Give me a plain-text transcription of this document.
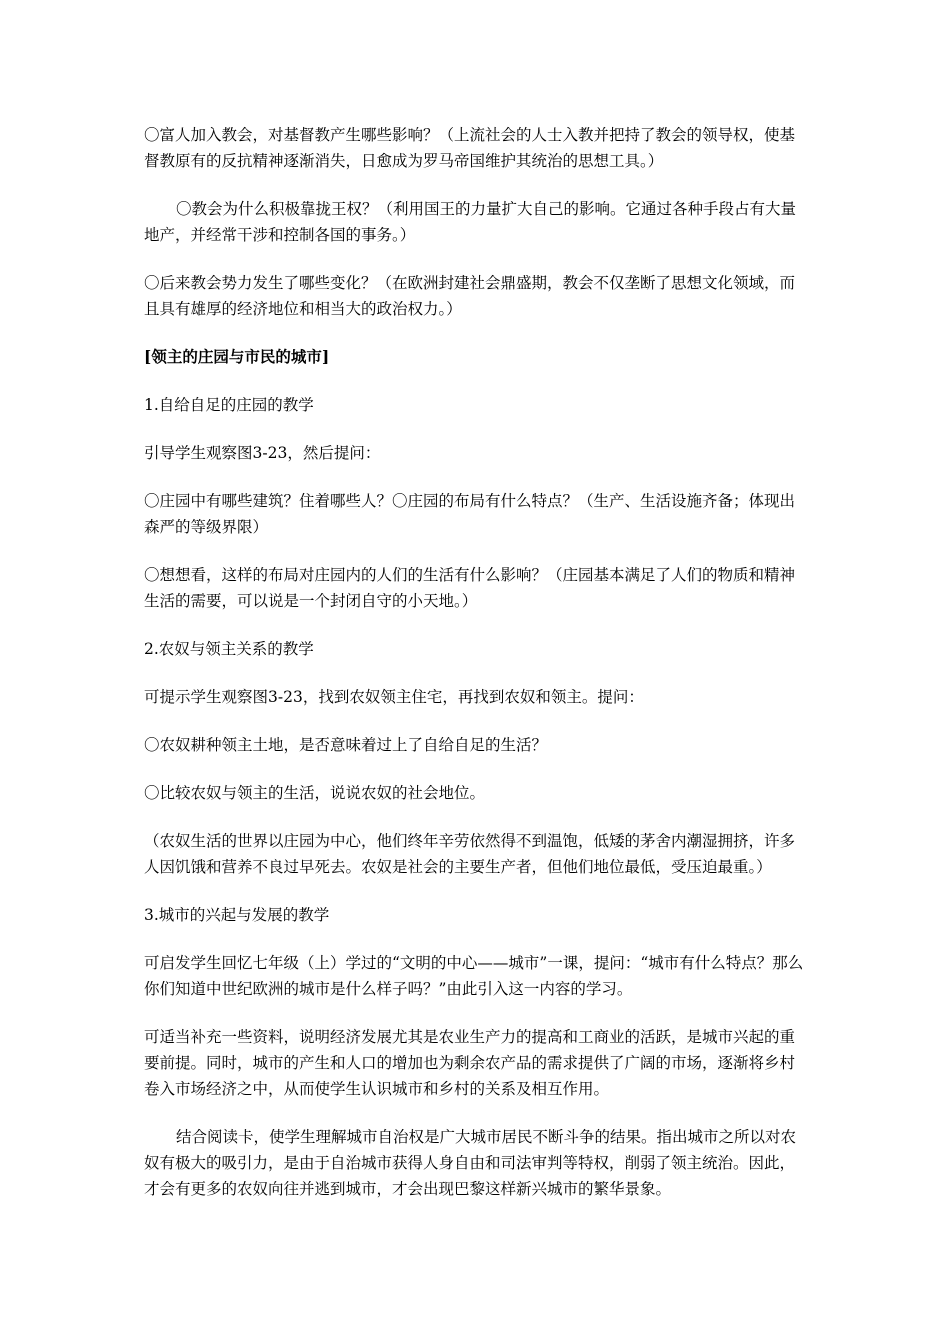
〇富人加入教会，对基督教产生哪些影响？（上流社会的人士入教并把持了教会的领导权，使基督教原有的反抗精神逐渐消失，日愈成为罗马帝国维护其统治的思想工具。）

〇教会为什么积极靠拢王权？（利用国王的力量扩大自己的影响。它通过各种手段占有大量地产，并经常干涉和控制各国的事务。）

〇后来教会势力发生了哪些变化？（在欧洲封建社会鼎盛期，教会不仅垄断了思想文化领域，而且具有雄厚的经济地位和相当大的政治权力。）

[领主的庄园与市民的城市]

1.自给自足的庄园的教学

引导学生观察图3-23，然后提问：

〇庄园中有哪些建筑？住着哪些人？〇庄园的布局有什么特点？（生产、生活设施齐备；体现出森严的等级界限）

〇想想看，这样的布局对庄园内的人们的生活有什么影响？（庄园基本满足了人们的物质和精神生活的需要，可以说是一个封闭自守的小天地。）

2.农奴与领主关系的教学

可提示学生观察图3-23，找到农奴领主住宅，再找到农奴和领主。提问：

〇农奴耕种领主土地，是否意味着过上了自给自足的生活？

〇比较农奴与领主的生活，说说农奴的社会地位。

（农奴生活的世界以庄园为中心，他们终年辛劳依然得不到温饱，低矮的茅舍内潮湿拥挤，许多人因饥饿和营养不良过早死去。农奴是社会的主要生产者，但他们地位最低，受压迫最重。）

3.城市的兴起与发展的教学

可启发学生回忆七年级（上）学过的“文明的中心——城市”一课，提问：“城市有什么特点？那么你们知道中世纪欧洲的城市是什么样子吗？”由此引入这一内容的学习。

可适当补充一些资料，说明经济发展尤其是农业生产力的提高和工商业的活跃，是城市兴起的重要前提。同时，城市的产生和人口的增加也为剩余农产品的需求提供了广阔的市场，逐渐将乡村卷入市场经济之中，从而使学生认识城市和乡村的关系及相互作用。

结合阅读卡，使学生理解城市自治权是广大城市居民不断斗争的结果。指出城市之所以对农奴有极大的吸引力，是由于自治城市获得人身自由和司法审判等特权，削弱了领主统治。因此，才会有更多的农奴向往并逃到城市，才会出现巴黎这样新兴城市的繁华景象。
